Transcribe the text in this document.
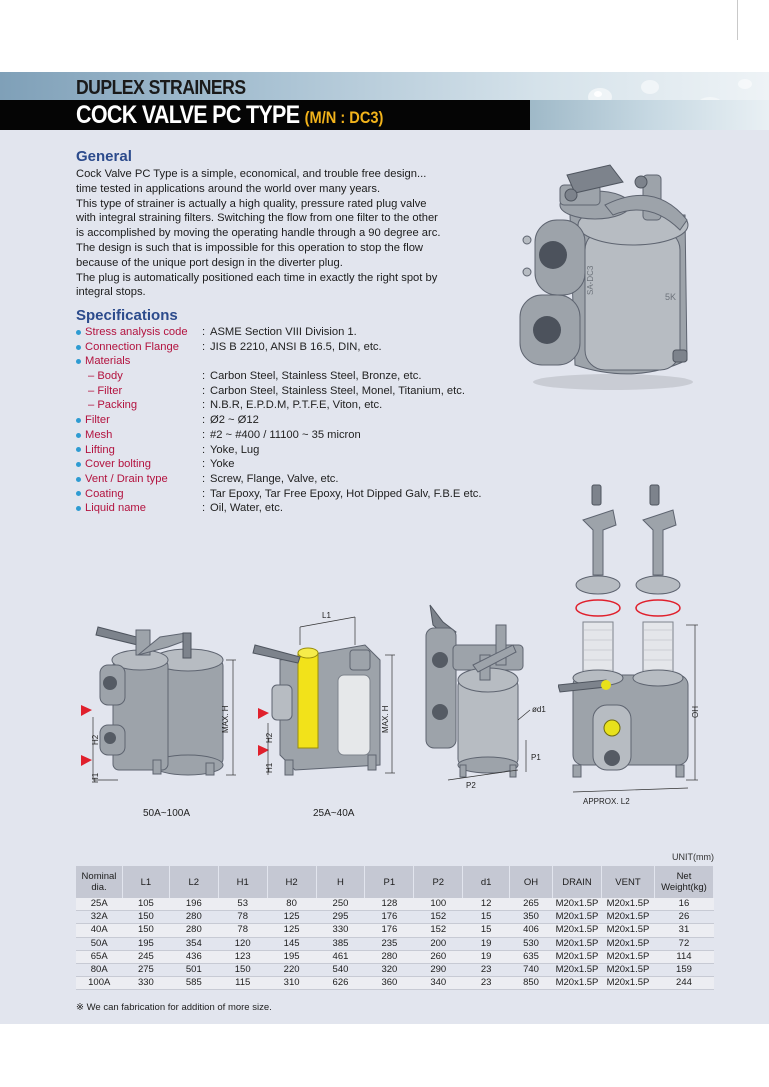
DUPLEX STRAINERS
COCK VALVE PC TYPE (M/N : DC3)
General

Cock Valve PC Type is a simple, economical, and trouble free design...

time tested in applications around the world over many years.

This type of strainer is actually a high quality, pressure rated plug valve

with integral straining filters. Switching the flow from one filter to the other

is accomplished by moving the operating handle through a 90 degree arc.

The design is such that is impossible for this operation to stop the flow

because of the unique port design in the diverter plug.

The plug is automatically positioned each time in exactly the right spot by

integral stops.	SA-DC3
5K
Specifications
Stress analysis code : ASME Section VIII Division 1.
Connection Flange : JIS B 2210, ANSI B 16.5, DIN, etc.
Materials
– Body	: Carbon Steel, Stainless Steel, Bronze, etc.
– Filter	: Carbon Steel, Stainless Steel, Monel, Titanium, etc.
– Packing	: N.B.R, E.P.D.M, P.T.F.E, Viton, etc.
Filter	: Ø2 ~ Ø12
Mesh	: #2 ~ #400 / 11100 ~ 35 micron
Lifting	: Yoke, Lug
Cover bolting	: Yoke
Vent / Drain type	: Screw, Flange, Valve, etc.
Coating	: Tar Epoxy, Tar Free Epoxy, Hot Dipped Galv, F.B.E etc.
Liquid name	: Oil, Water, etc.
MAX. H
H2
H1
50A~100A
L1
MAX. H
H2
H1
25A~40A
ød1
P1
P2
OH
APPROX. L2
UNIT(mm)
Nominal
dia.	L1	L2	H1	H2	H	P1	P2	d1	OH	DRAIN	VENT	Net
Weight(kg)
25A	105	196	53	80	250	128	100	12	265	M20x1.5P	M20x1.5P	16
32A	150	280	78	125	295	176	152	15	350	M20x1.5P	M20x1.5P	26
40A	150	280	78	125	330	176	152	15	406	M20x1.5P	M20x1.5P	31
50A	195	354	120	145	385	235	200	19	530	M20x1.5P	M20x1.5P	72
65A	245	436	123	195	461	280	260	19	635	M20x1.5P	M20x1.5P	114
80A	275	501	150	220	540	320	290	23	740	M20x1.5P	M20x1.5P	159
100A	330	585	115	310	626	360	340	23	850	M20x1.5P	M20x1.5P	244
※ We can fabrication for addition of more size.
